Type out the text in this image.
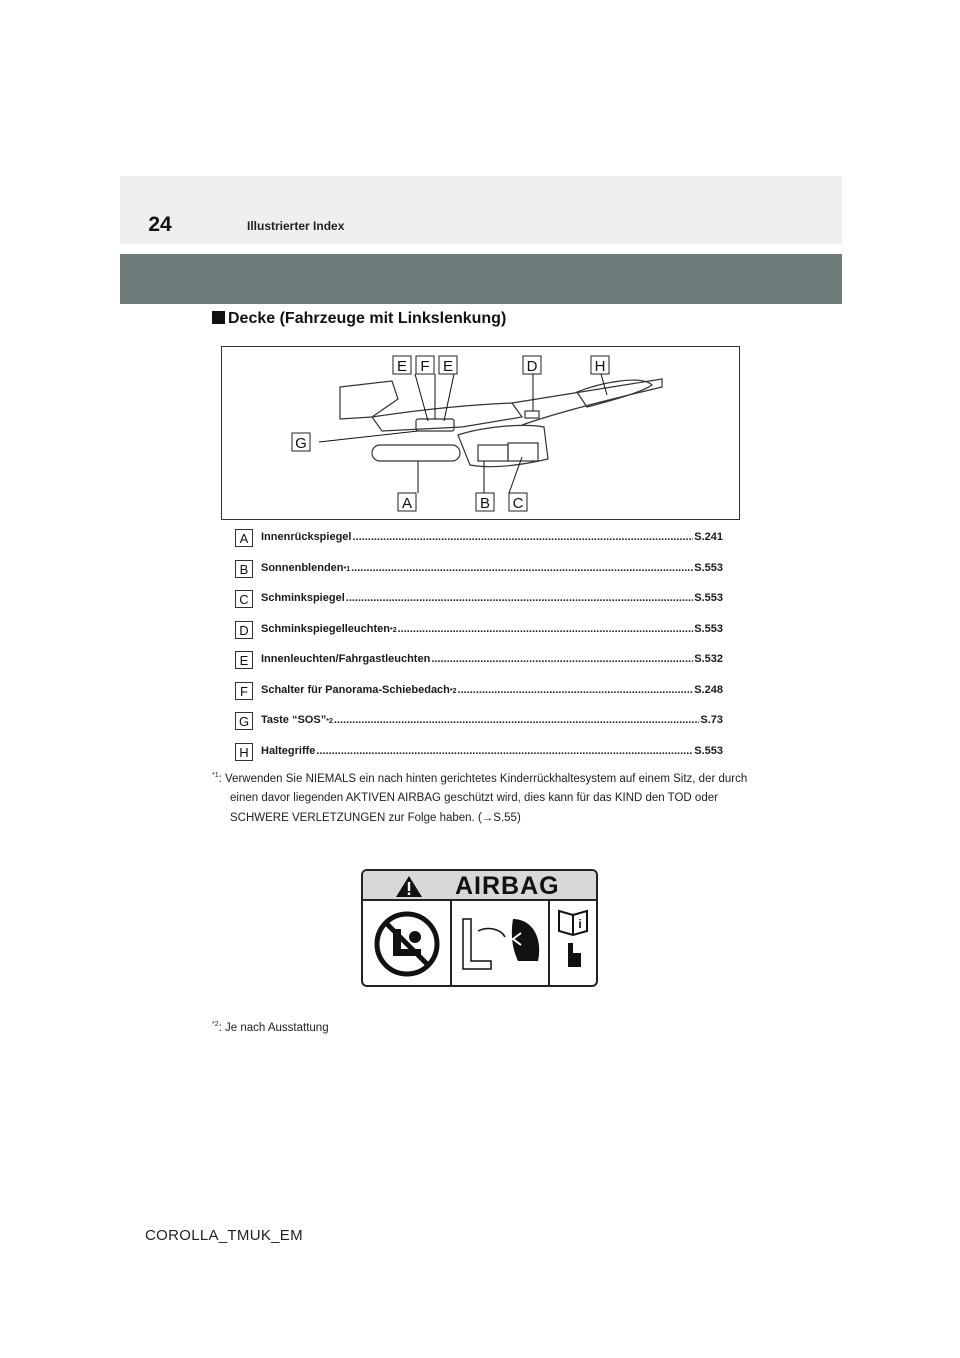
24	Illustrierter Index
Decke (Fahrzeuge mit Linkslenkung)
E F E	D	H
G
A	B C
A	Innenrückspiegel .....	S.241
B	Sonnenblenden *1 .....	S.553
C	Schminkspiegel .....	S.553
D	Schminkspiegelleuchten *2 .....	S.553
E	Innenleuchten/Fahrgastleuchten .....	S.532
F	Schalter für Panorama-Schiebedach *2 .....	S.248
G	Taste “SOS” *2 .....	S.73
H	Haltegriffe .....	S.553
$^{*1}$: Verwenden Sie NIEMALS ein nach hinten gerichtetes Kinderrückhaltesystem auf einem Sitz, der durch einen davor liegenden AKTIVEN AIRBAG geschützt wird, dies kann für das KIND den TOD oder SCHWERE VERLETZUNGEN zur Folge haben. (→S.55)
AIRBAG
i
$^{*2}$: Je nach Ausstattung
COROLLA_TMUK_EM
